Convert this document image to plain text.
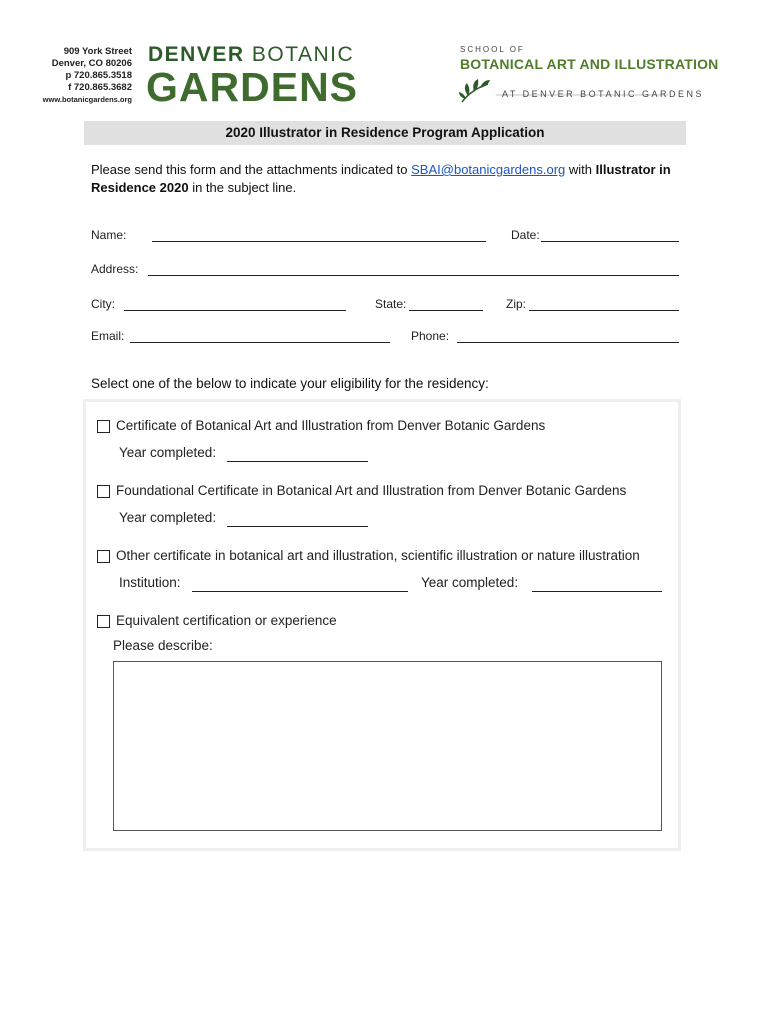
909 York Street
Denver, CO 80206
p 720.865.3518
f 720.865.3682
www.botanicgardens.org
DENVER BOTANIC
GARDENS
SCHOOL OF
BOTANICAL ART AND ILLUSTRATION
AT DENVER BOTANIC GARDENS
2020 Illustrator in Residence Program Application
Please send this form and the attachments indicated to SBAI@botanicgardens.org with Illustrator in Residence 2020 in the subject line.
Name:	Date:
Address:
City:	State:	Zip:
Email:	Phone:
Select one of the below to indicate your eligibility for the residency:
Certificate of Botanical Art and Illustration from Denver Botanic Gardens
Year completed:
Foundational Certificate in Botanical Art and Illustration from Denver Botanic Gardens
Year completed:
Other certificate in botanical art and illustration, scientific illustration or nature illustration
Institution:	Year completed:
Equivalent certification or experience
Please describe:
